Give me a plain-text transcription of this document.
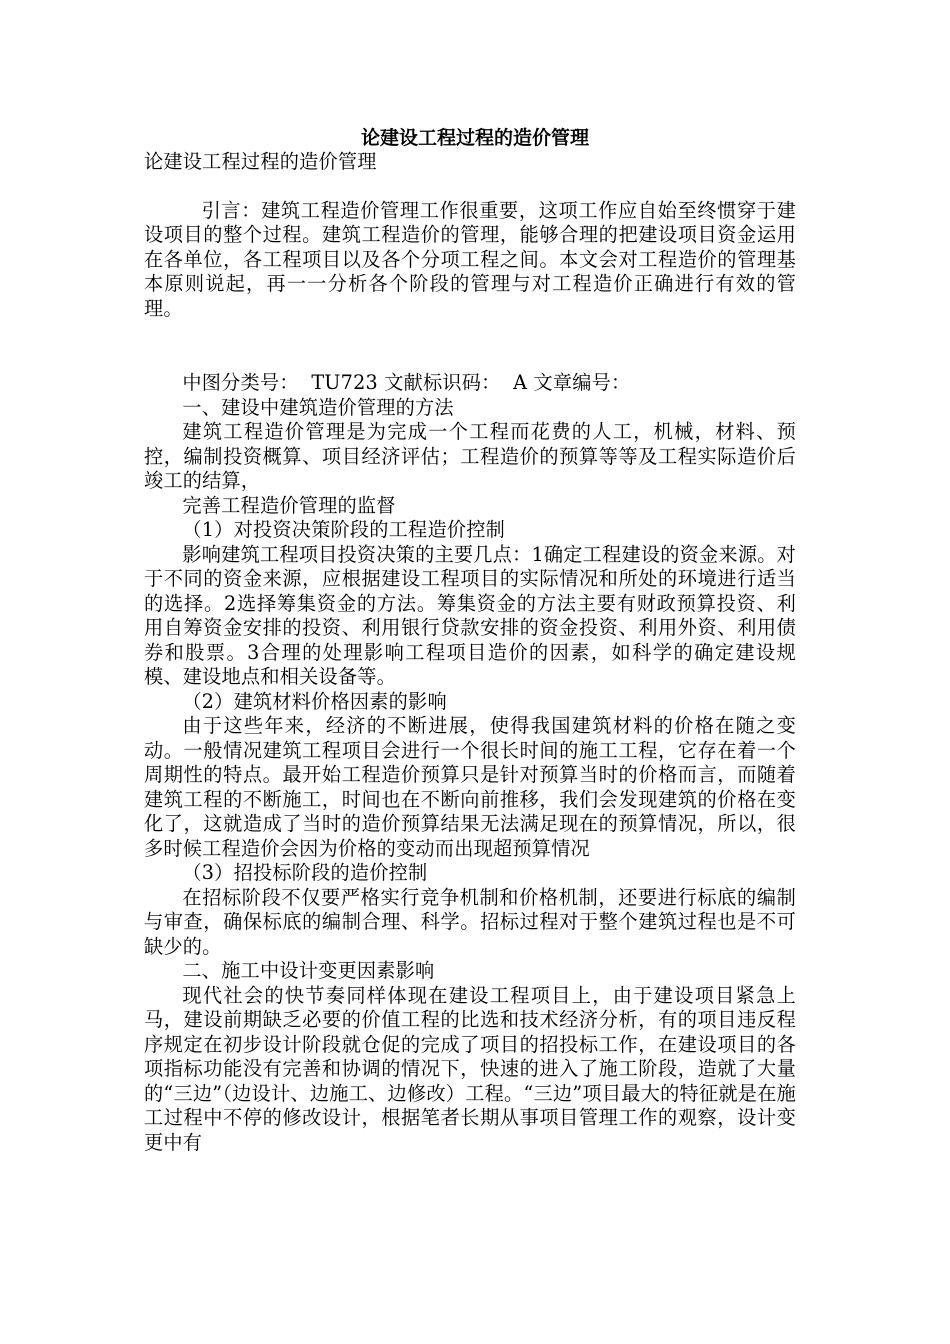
论建设工程过程的造价管理

论建设工程过程的造价管理

引言：建筑工程造价管理工作很重要，这项工作应自始至终惯穿于建设项目的整个过程。建筑工程造价的管理，能够合理的把建设项目资金运用在各单位，各工程项目以及各个分项工程之间。本文会对工程造价的管理基本原则说起，再一一分析各个阶段的管理与对工程造价正确进行有效的管理。

中图分类号：  TU723 文献标识码：  A 文章编号：

一、建设中建筑造价管理的方法

建筑工程造价管理是为完成一个工程而花费的人工，机械，材料、预控，编制投资概算、项目经济评估；工程造价的预算等等及工程实际造价后竣工的结算，

完善工程造价管理的监督

（1）对投资决策阶段的工程造价控制

影响建筑工程项目投资决策的主要几点：1确定工程建设的资金来源。对于不同的资金来源，应根据建设工程项目的实际情况和所处的环境进行适当的选择。2选择筹集资金的方法。筹集资金的方法主要有财政预算投资、利用自筹资金安排的投资、利用银行贷款安排的资金投资、利用外资、利用债券和股票。3合理的处理影响工程项目造价的因素，如科学的确定建设规模、建设地点和相关设备等。

（2）建筑材料价格因素的影响

由于这些年来，经济的不断进展，使得我国建筑材料的价格在随之变动。一般情况建筑工程项目会进行一个很长时间的施工工程，它存在着一个周期性的特点。最开始工程造价预算只是针对预算当时的价格而言，而随着建筑工程的不断施工，时间也在不断向前推移，我们会发现建筑的价格在变化了，这就造成了当时的造价预算结果无法满足现在的预算情况，所以，很多时候工程造价会因为价格的变动而出现超预算情况

（3）招投标阶段的造价控制

在招标阶段不仅要严格实行竞争机制和价格机制，还要进行标底的编制与审查，确保标底的编制合理、科学。招标过程对于整个建筑过程也是不可缺少的。

二、施工中设计变更因素影响

现代社会的快节奏同样体现在建设工程项目上，由于建设项目紧急上马，建设前期缺乏必要的价值工程的比选和技术经济分析，有的项目违反程序规定在初步设计阶段就仓促的完成了项目的招投标工作，在建设项目的各项指标功能没有完善和协调的情况下，快速的进入了施工阶段，造就了大量的“三边”（边设计、边施工、边修改）工程。“三边”项目最大的特征就是在施工过程中不停的修改设计，根据笔者长期从事项目管理工作的观察，设计变更中有
